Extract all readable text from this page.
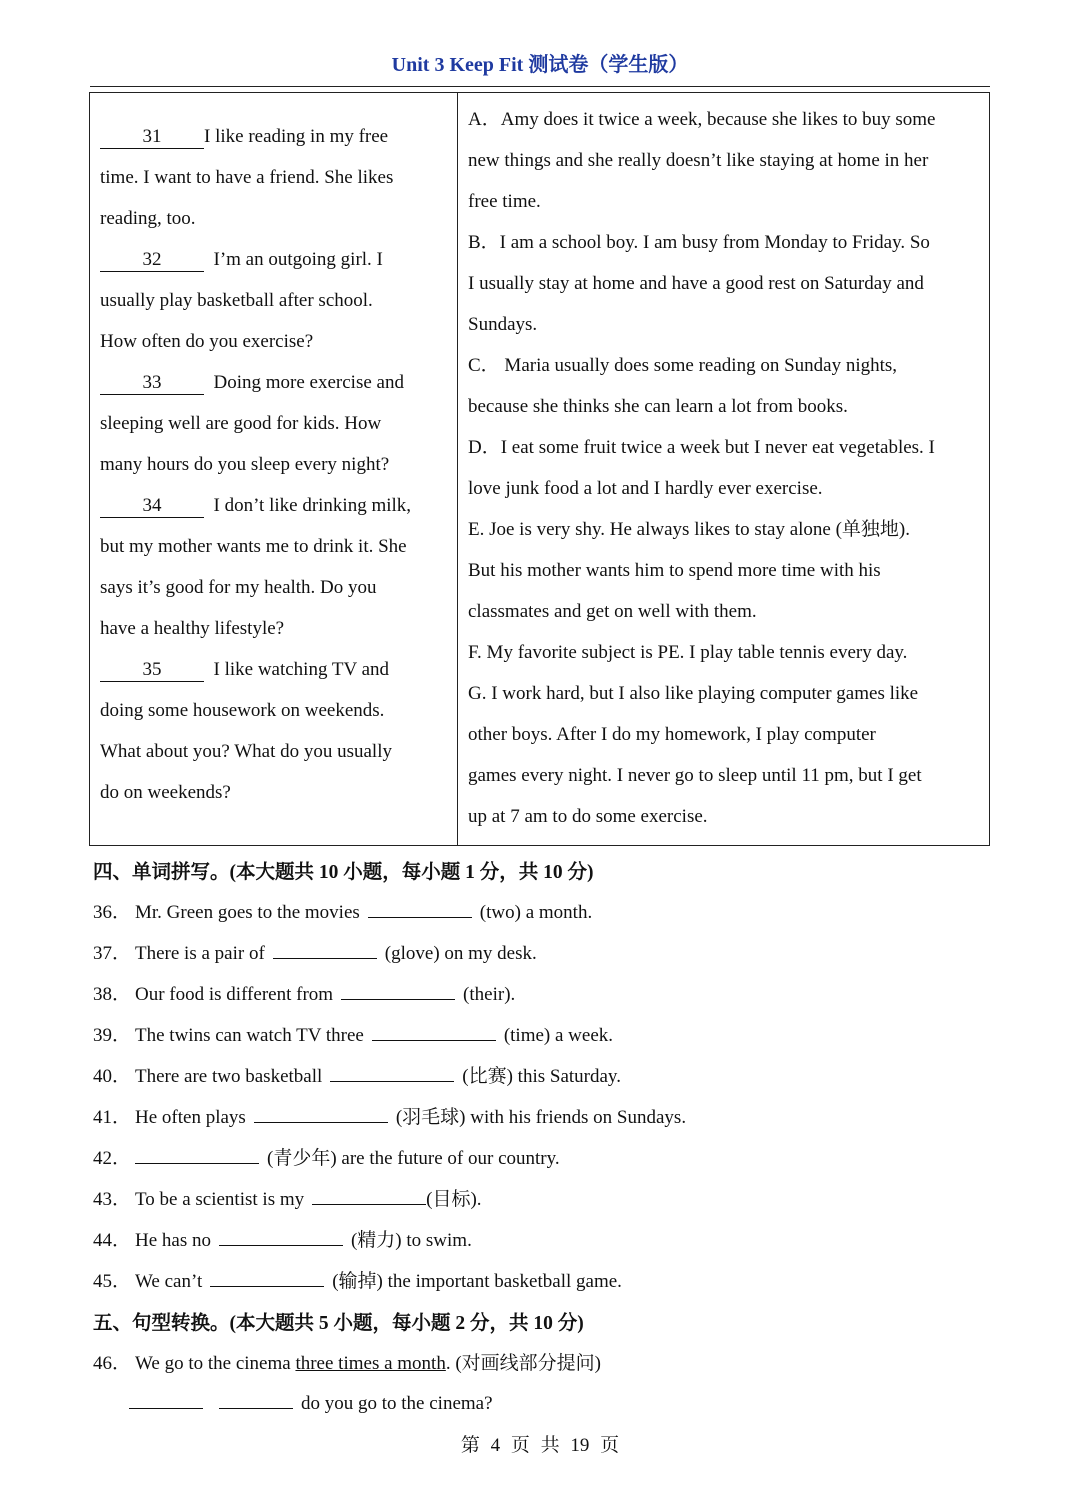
Unit 3 Keep Fit 测试卷（学生版）
31 I like reading in my free
time. I want to have a friend. She likes
reading, too.
32	I’m an outgoing girl. I
usually play basketball after school.
How often do you exercise?
33	Doing more exercise and
sleeping well are good for kids. How
many hours do you sleep every night?
34	I don’t like drinking milk,
but my mother wants me to drink it. She
says it’s good for my health. Do you
have a healthy lifestyle?
35	I like watching TV and
doing some housework on weekends.
What about you? What do you usually
do on weekends?
A．Amy does it twice a week, because she likes to buy some
new things and she really doesn’t like staying at home in her
free time.
B．I am a school boy. I am busy from Monday to Friday. So
I usually stay at home and have a good rest on Saturday and
Sundays.
C． Maria usually does some reading on Sunday nights,
because she thinks she can learn a lot from books.
D．I eat some fruit twice a week but I never eat vegetables. I
love junk food a lot and I hardly ever exercise.
E. Joe is very shy. He always likes to stay alone (单独地).
But his mother wants him to spend more time with his
classmates and get on well with them.
F. My favorite subject is PE. I play table tennis every day.
G. I work hard, but I also like playing computer games like
other boys. After I do my homework, I play computer
games every night. I never go to sleep until 11 pm, but I get
up at 7 am to do some exercise.
四、单词拼写。(本大题共 10 小题，每小题 1 分，共 10 分)
36． Mr. Green goes to the movies	(two) a month.
37． There is a pair of	(glove) on my desk.
38． Our food is different from	(their).
39． The twins can watch TV three	(time) a week.
40． There are two basketball	(比赛) this Saturday.
41． He often plays	(羽毛球) with his friends on Sundays.
42．	(青少年) are the future of our country.
43． To be a scientist is my	(目标).
44． He has no	(精力) to swim.
45． We can’t	(输掉) the important basketball game.
五、句型转换。(本大题共 5 小题，每小题 2 分，共 10 分)
46． We go to the cinema three times a month. (对画线部分提问)
do you go to the cinema?
第 4 页 共 19 页
